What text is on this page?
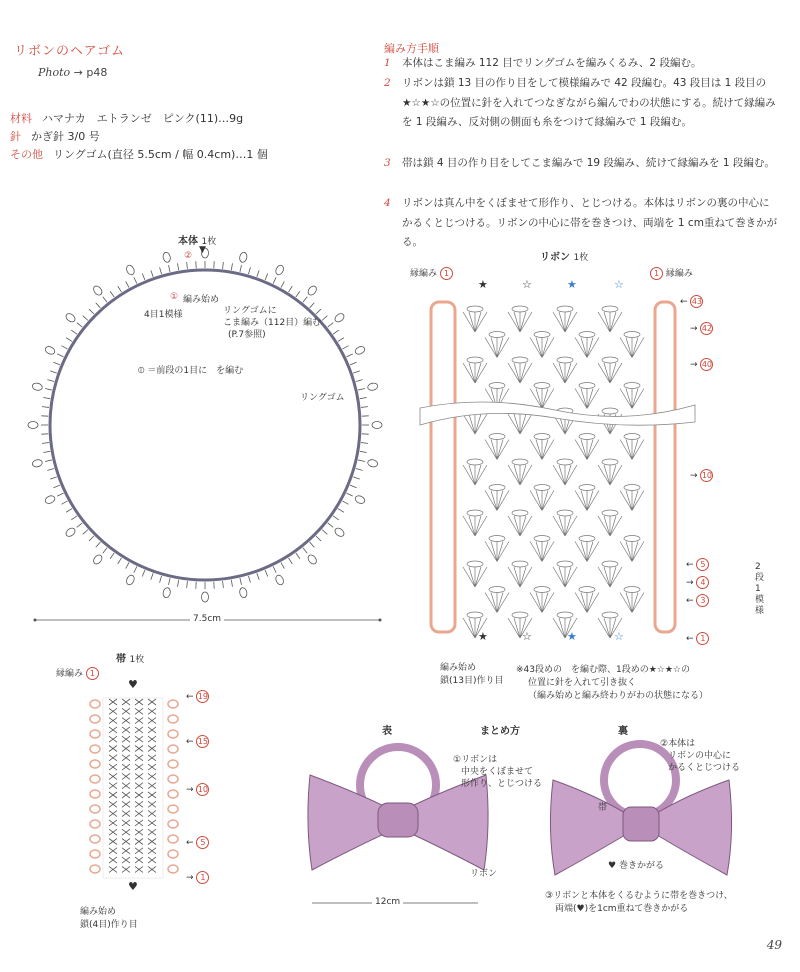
リボンのヘアゴム
Photo → p48
材料 ハマナカ　エトランゼ　ピンク(11)…9g
針 かぎ針 3/0 号
その他 リングゴム(直径 5.5cm / 幅 0.4cm)…1 個
編み方手順
1 本体はこま編み 112 目でリングゴムを編みくるみ、2 段編む。
2 リボンは鎖 13 目の作り目をして模様編みで 42 段編む。43 段目は 1 段目の★☆★☆の位置に針を入れてつなぎながら編んでわの状態にする。続けて縁編みを 1 段編み、反対側の側面も糸をつけて縁編みで 1 段編む。
3 帯は鎖 4 目の作り目をしてこま編みで 19 段編み、続けて縁編みを 1 段編む。
4 リボンは真ん中をくぼませて形作り、とじつける。本体はリボンの裏の中心にかるくとじつける。リボンの中心に帯を巻きつけ、両端を 1 cm重ねて巻きかがる。
本体 1枚
②
▼
① 編み始め
4目1模様	リングゴムに
こま編み（112目）編む
(P.7参照)
⦶ ＝前段の1目に　を編む
リングゴム
7.5cm
リボン 1枚
縁編み 1	1 縁編み
★	☆	★	☆
★	☆	★	☆
← 43
→ 42
→ 40
→ 10
← 5
→ 4
← 3
← 1
2段1模様
編み始め
鎖(13目)作り目
※43段めの　を編む際、1段めの★☆★☆の
位置に針を入れて引き抜く
（編み始めと編み終わりがわの状態になる）
帯 1枚
縁編み 1
♥
♥
← 19
← 15
→ 10
← 5
→ 1
編み始め
鎖(4目)作り目
表	まとめ方	裏
①リボンは
中央をくぼませて
形作り、とじつける
リボン
12cm
②本体は
リボンの中心に
かるくとじつける
帯
♥ 巻きかがる
③リボンと本体をくるむように帯を巻きつけ、
両端(♥)を1cm重ねて巻きかがる
49
